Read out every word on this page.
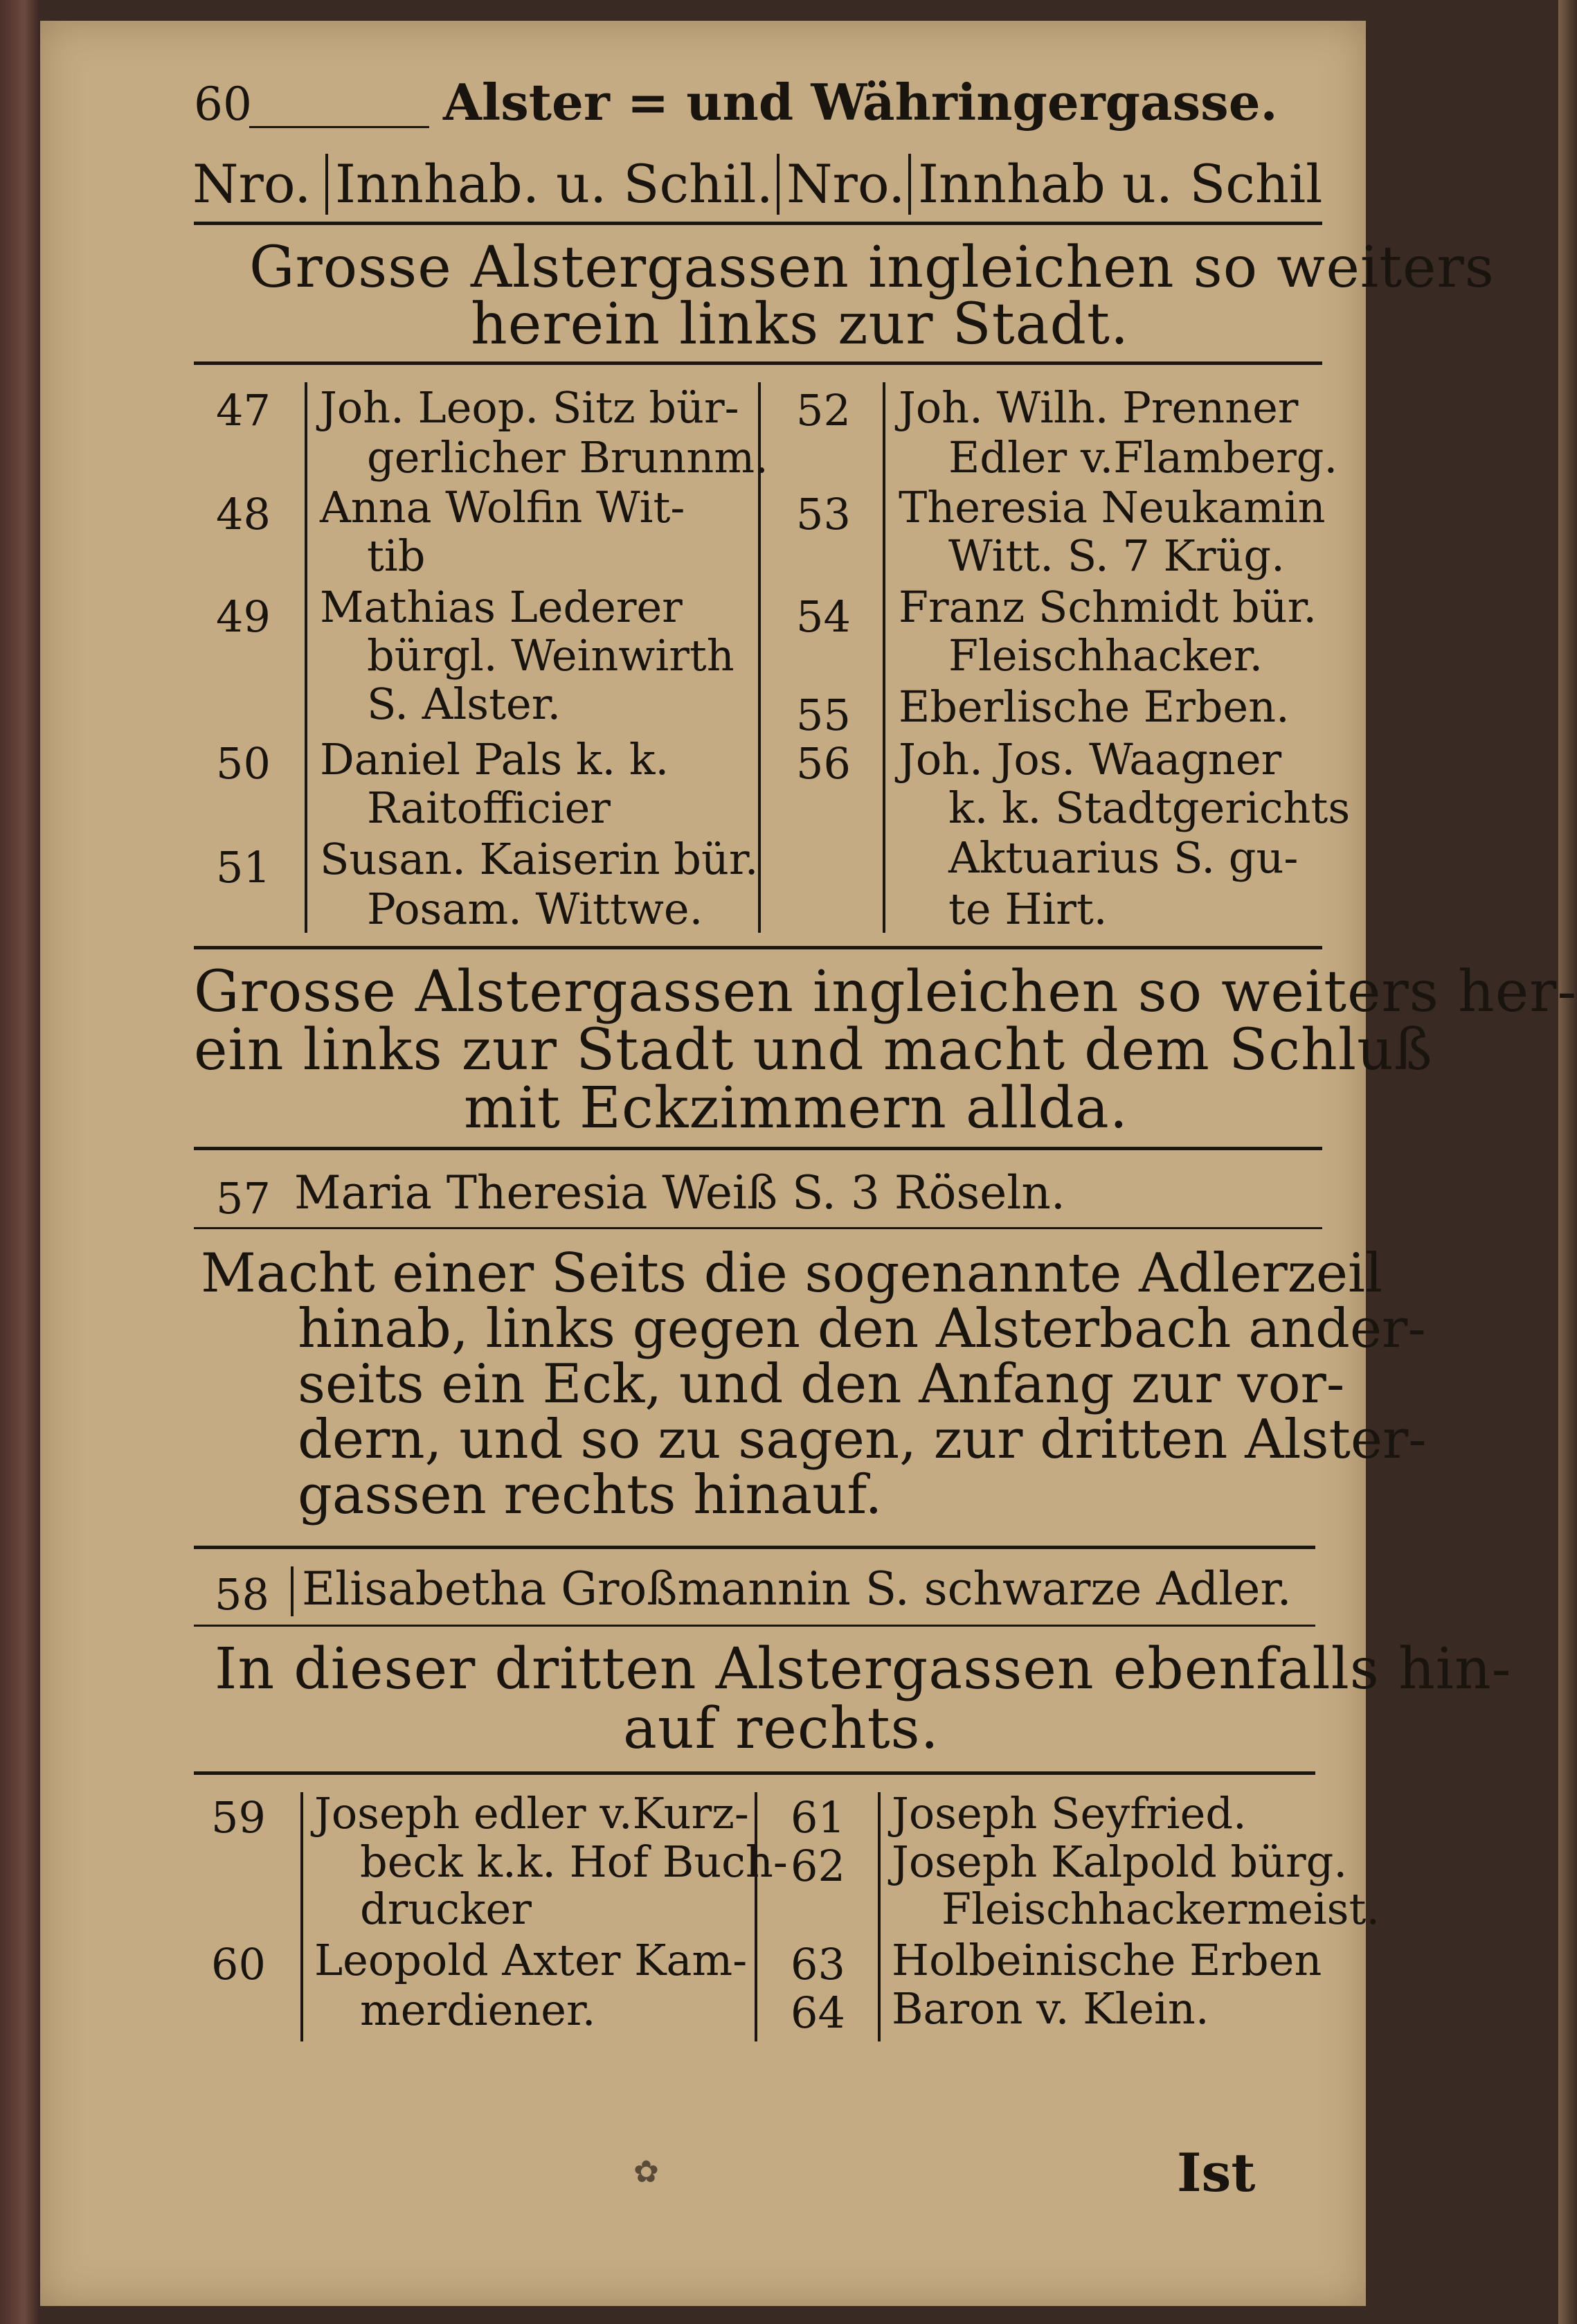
60	Alster = und Währingergasse.
Nro. Innhab. u. Schil. Nro. Innhab u. Schil
Grosse Alstergassen ingleichen so weiters
herein links zur Stadt.
47 Joh. Leop. Sitz bür-
gerlicher Brunnm.
48 Anna Wolfin Wit-
tib
49 Mathias Lederer
bürgl. Weinwirth
S. Alster.
50 Daniel Pals k. k.
Raitofficier
51 Susan. Kaiserin bür.
Posam. Wittwe.
52 Joh. Wilh. Prenner
Edler v.Flamberg.
53 Theresia Neukamin
Witt. S. 7 Krüg.
54 Franz Schmidt bür.
Fleischhacker.
55 Eberlische Erben.
56 Joh. Jos. Waagner
k. k. Stadtgerichts
Aktuarius S. gu-
te Hirt.
Grosse Alstergassen ingleichen so weiters her-
ein links zur Stadt und macht dem Schluß
mit Eckzimmern allda.
57 Maria Theresia Weiß S. 3 Röseln.
Macht einer Seits die sogenannte Adlerzeil
hinab, links gegen den Alsterbach ander-
seits ein Eck, und den Anfang zur vor-
dern, und so zu sagen, zur dritten Alster-
gassen rechts hinauf.
58 Elisabetha Großmannin S. schwarze Adler.
In dieser dritten Alstergassen ebenfalls hin-
auf rechts.
59 Joseph edler v.Kurz-
beck k.k. Hof Buch-
drucker
60 Leopold Axter Kam-
merdiener.
61 Joseph Seyfried.
62 Joseph Kalpold bürg.
Fleischhackermeist.
63 Holbeinische Erben
64 Baron v. Klein.
✿	Ist
